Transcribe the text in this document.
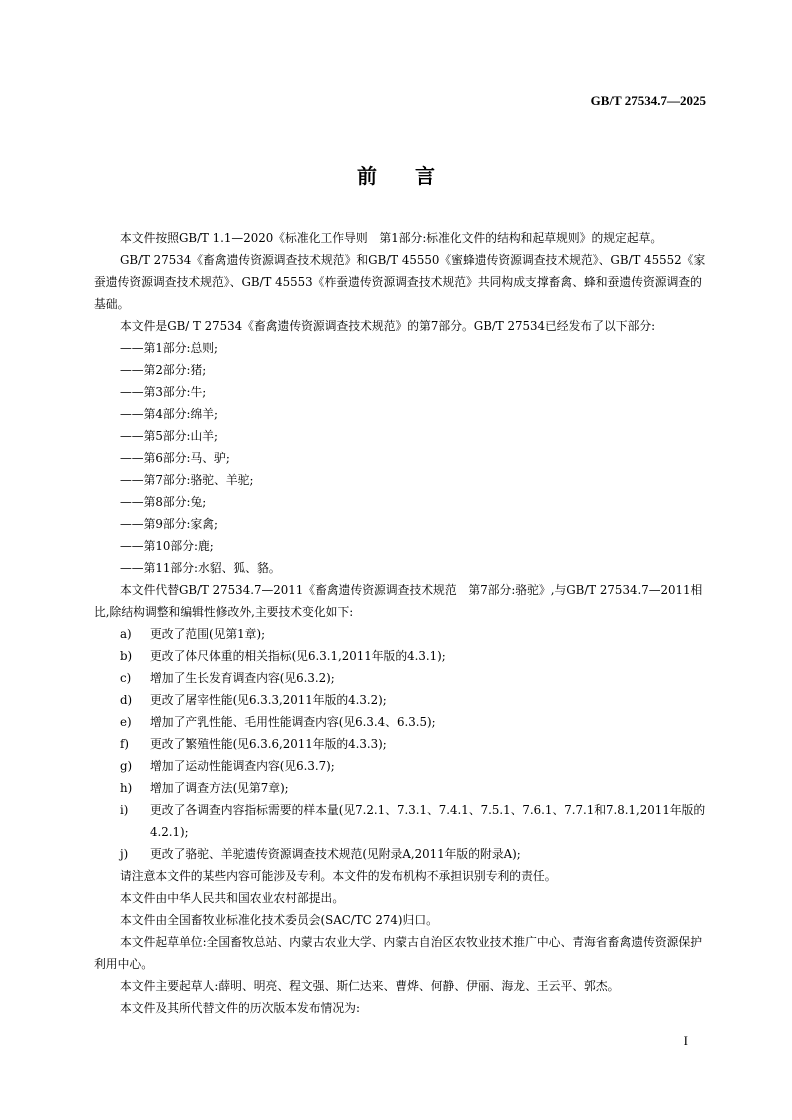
GB/T 27534.7—2025
前言

本文件按照GB/T 1.1—2020《标准化工作导则　第1部分:标准化文件的结构和起草规则》的规定起草。

GB/T 27534《畜禽遗传资源调查技术规范》和GB/T 45550《蜜蜂遗传资源调查技术规范》、GB/T 45552《家蚕遗传资源调查技术规范》、GB/T 45553《柞蚕遗传资源调查技术规范》共同构成支撑畜禽、蜂和蚕遗传资源调查的基础。

本文件是GB/ T 27534《畜禽遗传资源调查技术规范》的第7部分。GB/T 27534已经发布了以下部分:

——第1部分:总则;

——第2部分:猪;

——第3部分:牛;

——第4部分:绵羊;

——第5部分:山羊;

——第6部分:马、驴;

——第7部分:骆驼、羊驼;

——第8部分:兔;

——第9部分:家禽;

——第10部分:鹿;

——第11部分:水貂、狐、貉。

本文件代替GB/T 27534.7—2011《畜禽遗传资源调查技术规范　第7部分:骆驼》,与GB/T 27534.7—2011相比,除结构调整和编辑性修改外,主要技术变化如下:

a)	更改了范围(见第1章);
b)	更改了体尺体重的相关指标(见6.3.1,2011年版的4.3.1);
c)	增加了生长发育调查内容(见6.3.2);
d)	更改了屠宰性能(见6.3.3,2011年版的4.3.2);
e)	增加了产乳性能、毛用性能调查内容(见6.3.4、6.3.5);
f)	更改了繁殖性能(见6.3.6,2011年版的4.3.3);
g)	增加了运动性能调查内容(见6.3.7);
h)	增加了调查方法(见第7章);
i)	更改了各调查内容指标需要的样本量(见7.2.1、7.3.1、7.4.1、7.5.1、7.6.1、7.7.1和7.8.1,2011年版的4.2.1);
j)	更改了骆驼、羊驼遗传资源调查技术规范(见附录A,2011年版的附录A);

请注意本文件的某些内容可能涉及专利。本文件的发布机构不承担识别专利的责任。

本文件由中华人民共和国农业农村部提出。

本文件由全国畜牧业标准化技术委员会(SAC/TC 274)归口。

本文件起草单位:全国畜牧总站、内蒙古农业大学、内蒙古自治区农牧业技术推广中心、青海省畜禽遗传资源保护利用中心。

本文件主要起草人:薛明、明亮、程文强、斯仁达来、曹烨、何静、伊丽、海龙、王云平、郭杰。

本文件及其所代替文件的历次版本发布情况为:

I
